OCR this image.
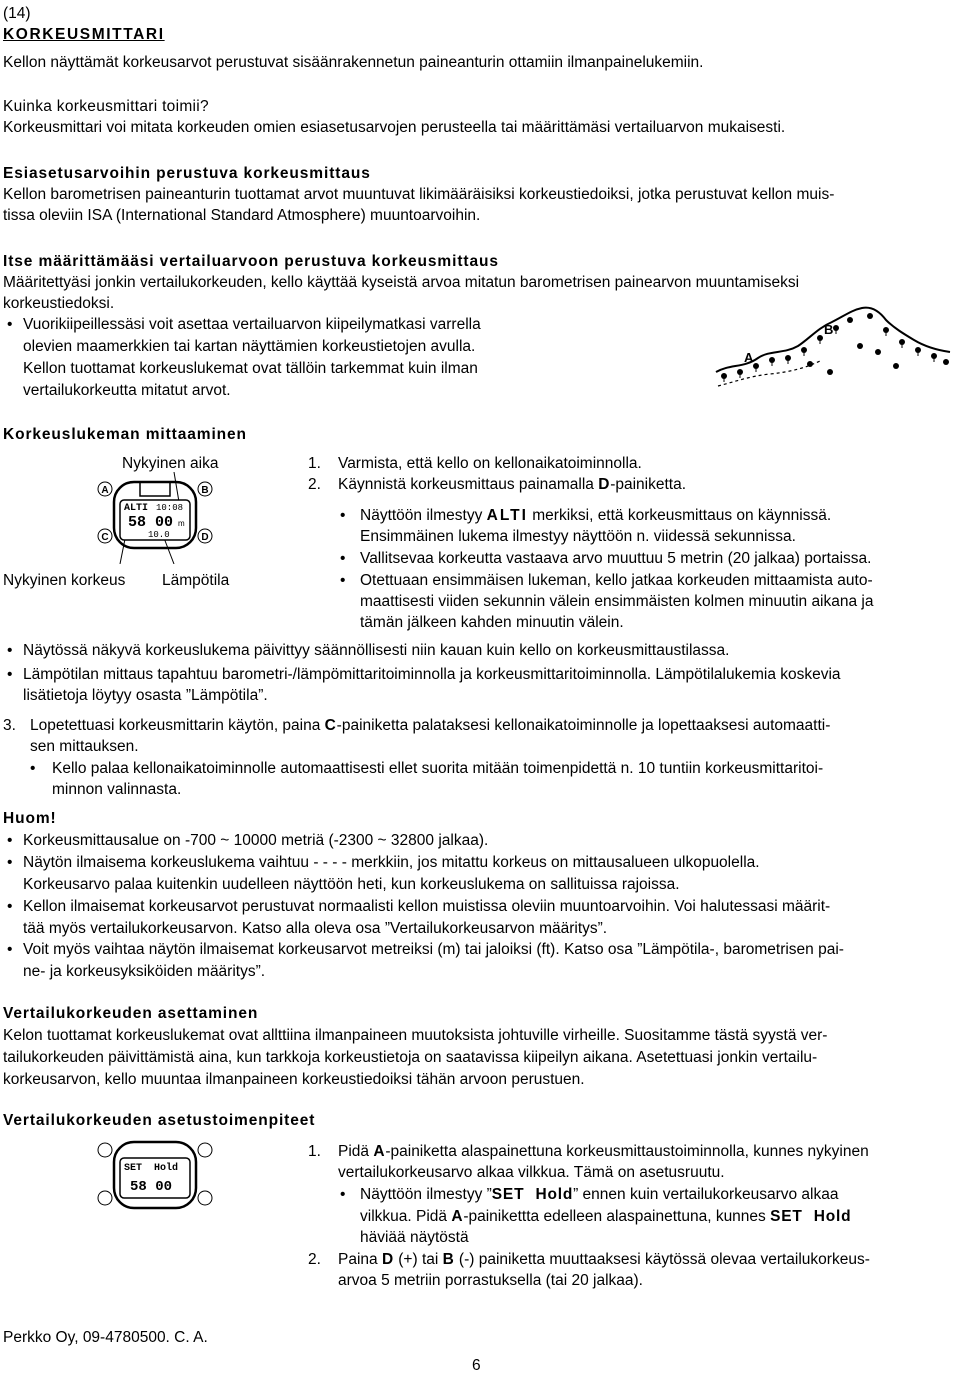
(14)
KORKEUSMITTARI
Kellon näyttämät korkeusarvot perustuvat sisäänrakennetun paineanturin ottamiin ilmanpainelukemiin.
Kuinka korkeusmittari toimii?
Korkeusmittari voi mitata korkeuden omien esiasetusarvojen perusteella tai määrittämäsi vertailuarvon mukaisesti.
Esiasetusarvoihin perustuva korkeusmittaus
Kellon barometrisen paineanturin tuottamat arvot muuntuvat likimääräisiksi korkeustiedoiksi, jotka perustuvat kellon muis-
tissa oleviin ISA (International Standard Atmosphere) muuntoarvoihin.
Itse määrittämääsi vertailuarvoon perustuva korkeusmittaus
Määritettyäsi jonkin vertailukorkeuden, kello käyttää kyseistä arvoa mitatun barometrisen painearvon muuntamiseksi
korkeustiedoksi.
• Vuorikiipeillessäsi voit asettaa vertailuarvon kiipeilymatkasi varrella
olevien maamerkkien tai kartan näyttämien korkeustietojen avulla.
Kellon tuottamat korkeuslukemat ovat tällöin tarkemmat kuin ilman
vertailukorkeutta mitatut arvot.
A
B
Korkeuslukeman mittaaminen
Nykyinen aika
Nykyinen korkeus Lämpötila
A	B
C	D
ALTI 10:08
58 00 m
10.0
1. Varmista, että kello on kellonaikatoiminnolla.
2. Käynnistä korkeusmittaus painamalla D-painiketta.
• Näyttöön ilmestyy ALTI merkiksi, että korkeusmittaus on käynnissä.
Ensimmäinen lukema ilmestyy näyttöön n. viidessä sekunnissa.
• Vallitsevaa korkeutta vastaava arvo muuttuu 5 metrin (20 jalkaa) portaissa.
• Otettuaan ensimmäisen lukeman, kello jatkaa korkeuden mittaamista auto-
maattisesti viiden sekunnin välein ensimmäisten kolmen minuutin aikana ja
tämän jälkeen kahden minuutin välein.
• Näytössä näkyvä korkeuslukema päivittyy säännöllisesti niin kauan kuin kello on korkeusmittaustilassa.
• Lämpötilan mittaus tapahtuu barometri-/lämpömittaritoiminnolla ja korkeusmittaritoiminnolla. Lämpötilalukemia koskevia
lisätietoja löytyy osasta ”Lämpötila”.
3. Lopetettuasi korkeusmittarin käytön, paina C-painiketta palataksesi kellonaikatoiminnolle ja lopettaaksesi automaatti-
sen mittauksen.
• Kello palaa kellonaikatoiminnolle automaattisesti ellet suorita mitään toimenpidettä n. 10 tuntiin korkeusmittaritoi-
minnon valinnasta.
Huom!
• Korkeusmittausalue on -700 ~ 10000 metriä (-2300 ~ 32800 jalkaa).
• Näytön ilmaisema korkeuslukema vaihtuu - - - - merkkiin, jos mitattu korkeus on mittausalueen ulkopuolella.
Korkeusarvo palaa kuitenkin uudelleen näyttöön heti, kun korkeuslukema on sallituissa rajoissa.
• Kellon ilmaisemat korkeusarvot perustuvat normaalisti kellon muistissa oleviin muuntoarvoihin. Voi halutessasi määrit-
tää myös vertailukorkeusarvon. Katso alla oleva osa ”Vertailukorkeusarvon määritys”.
• Voit myös vaihtaa näytön ilmaisemat korkeusarvot metreiksi (m) tai jaloiksi (ft). Katso osa ”Lämpötila-, barometrisen pai-
ne- ja korkeusyksiköiden määritys”.
Vertailukorkeuden asettaminen
Kelon tuottamat korkeuslukemat ovat allttiina ilmanpaineen muutoksista johtuville virheille. Suositamme tästä syystä ver-
tailukorkeuden päivittämistä aina, kun tarkkoja korkeustietoja on saatavissa kiipeilyn aikana. Asetettuasi jonkin vertailu-
korkeusarvon, kello muuntaa ilmanpaineen korkeustiedoiksi tähän arvoon perustuen.
Vertailukorkeuden asetustoimenpiteet
SET Hold
58 00
1. Pidä A-painiketta alaspainettuna korkeusmittaustoiminnolla, kunnes nykyinen
vertailukorkeusarvo alkaa vilkkua. Tämä on asetusruutu.
• Näyttöön ilmestyy ”SET Hold” ennen kuin vertailukorkeusarvo alkaa
vilkkua. Pidä A-painikettta edelleen alaspainettuna, kunnes SET Hold
häviää näytöstä
2. Paina D (+) tai B (-) painiketta muuttaaksesi käytössä olevaa vertailukorkeus-
arvoa 5 metriin porrastuksella (tai 20 jalkaa).
Perkko Oy, 09-4780500. C. A.
6
